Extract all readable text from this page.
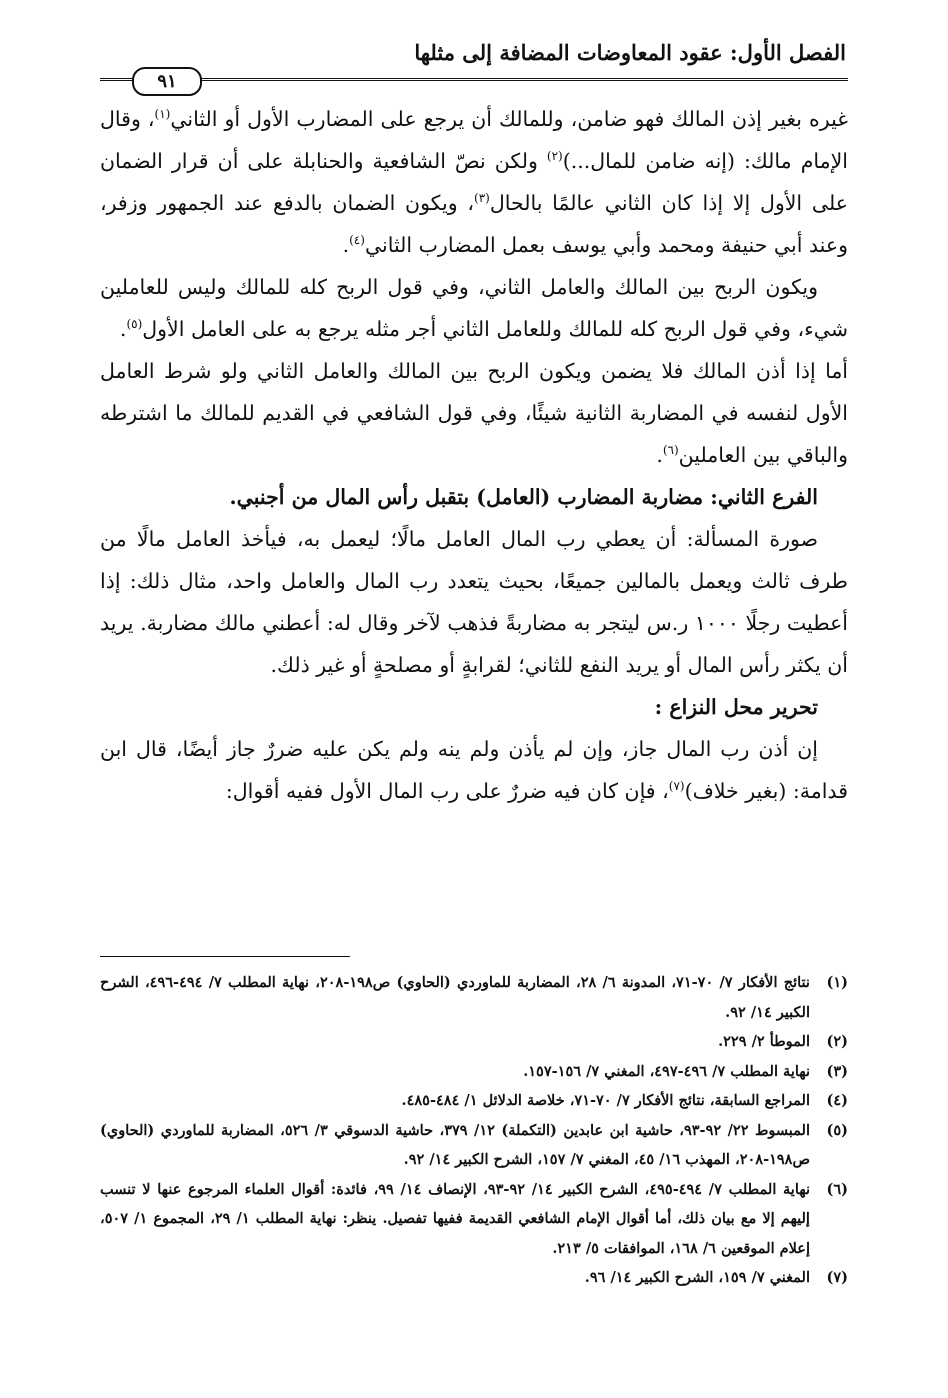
الفصل الأول: عقود المعاوضات المضافة إلى مثلها
٩١

غيره بغير إذن المالك فهو ضامن، وللمالك أن يرجع على المضارب الأول أو الثاني$^{(١)}$، وقال الإمام مالك: (إنه ضامن للمال...)$^{(٢)}$ ولكن نصّ الشافعية والحنابلة على أن قرار الضمان على الأول إلا إذا كان الثاني عالمًا بالحال$^{(٣)}$، ويكون الضمان بالدفع عند الجمهور وزفر، وعند أبي حنيفة ومحمد وأبي يوسف بعمل المضارب الثاني$^{(٤)}$.

ويكون الربح بين المالك والعامل الثاني، وفي قول الربح كله للمالك وليس للعاملين شيء، وفي قول الربح كله للمالك وللعامل الثاني أجر مثله يرجع به على العامل الأول$^{(٥)}$.

أما إذا أذن المالك فلا يضمن ويكون الربح بين المالك والعامل الثاني ولو شرط العامل الأول لنفسه في المضاربة الثانية شيئًا، وفي قول الشافعي في القديم للمالك ما اشترطه والباقي بين العاملين$^{(٦)}$.

الفرع الثاني: مضاربة المضارب (العامل) بتقبل رأس المال من أجنبي.

صورة المسألة: أن يعطي رب المال العامل مالًا؛ ليعمل به، فيأخذ العامل مالًا من طرف ثالث ويعمل بالمالين جميعًا، بحيث يتعدد رب المال والعامل واحد، مثال ذلك: إذا أعطيت رجلًا ١٠٠٠ ر.س ليتجر به مضاربةً فذهب لآخر وقال له: أعطني مالك مضاربة. يريد أن يكثر رأس المال أو يريد النفع للثاني؛ لقرابةٍ أو مصلحةٍ أو غير ذلك.

تحرير محل النزاع :

إن أذن رب المال جاز، وإن لم يأذن ولم ينه ولم يكن عليه ضررٌ جاز أيضًا، قال ابن قدامة: (بغير خلاف)$^{(٧)}$، فإن كان فيه ضررٌ على رب المال الأول ففيه أقوال:

(١)
نتائج الأفكار ٧/ ٧٠-٧١، المدونة ٦/ ٢٨، المضاربة للماوردي (الحاوي) ص١٩٨-٢٠٨، نهاية المطلب ٧/ ٤٩٤-٤٩٦، الشرح الكبير ١٤/ ٩٢.
(٢)
الموطأ ٢/ ٢٢٩.
(٣)
نهاية المطلب ٧/ ٤٩٦-٤٩٧، المغني ٧/ ١٥٦-١٥٧.
(٤)
المراجع السابقة، نتائج الأفكار ٧/ ٧٠-٧١، خلاصة الدلائل ١/ ٤٨٤-٤٨٥.
(٥)
المبسوط ٢٢/ ٩٢-٩٣، حاشية ابن عابدين (التكملة) ١٢/ ٣٧٩، حاشية الدسوقي ٣/ ٥٢٦، المضاربة للماوردي (الحاوي) ص١٩٨-٢٠٨، المهذب ١٦/ ٤٥، المغني ٧/ ١٥٧، الشرح الكبير ١٤/ ٩٢.
(٦)
نهاية المطلب ٧/ ٤٩٤-٤٩٥، الشرح الكبير ١٤/ ٩٢-٩٣، الإنصاف ١٤/ ٩٩، فائدة: أقوال العلماء المرجوع عنها لا تنسب إليهم إلا مع بيان ذلك، أما أقوال الإمام الشافعي القديمة ففيها تفصيل. ينظر: نهاية المطلب ١/ ٢٩، المجموع ١/ ٥٠٧، إعلام الموقعين ٦/ ١٦٨، الموافقات ٥/ ٢١٣.
(٧)
المغني ٧/ ١٥٩، الشرح الكبير ١٤/ ٩٦.
